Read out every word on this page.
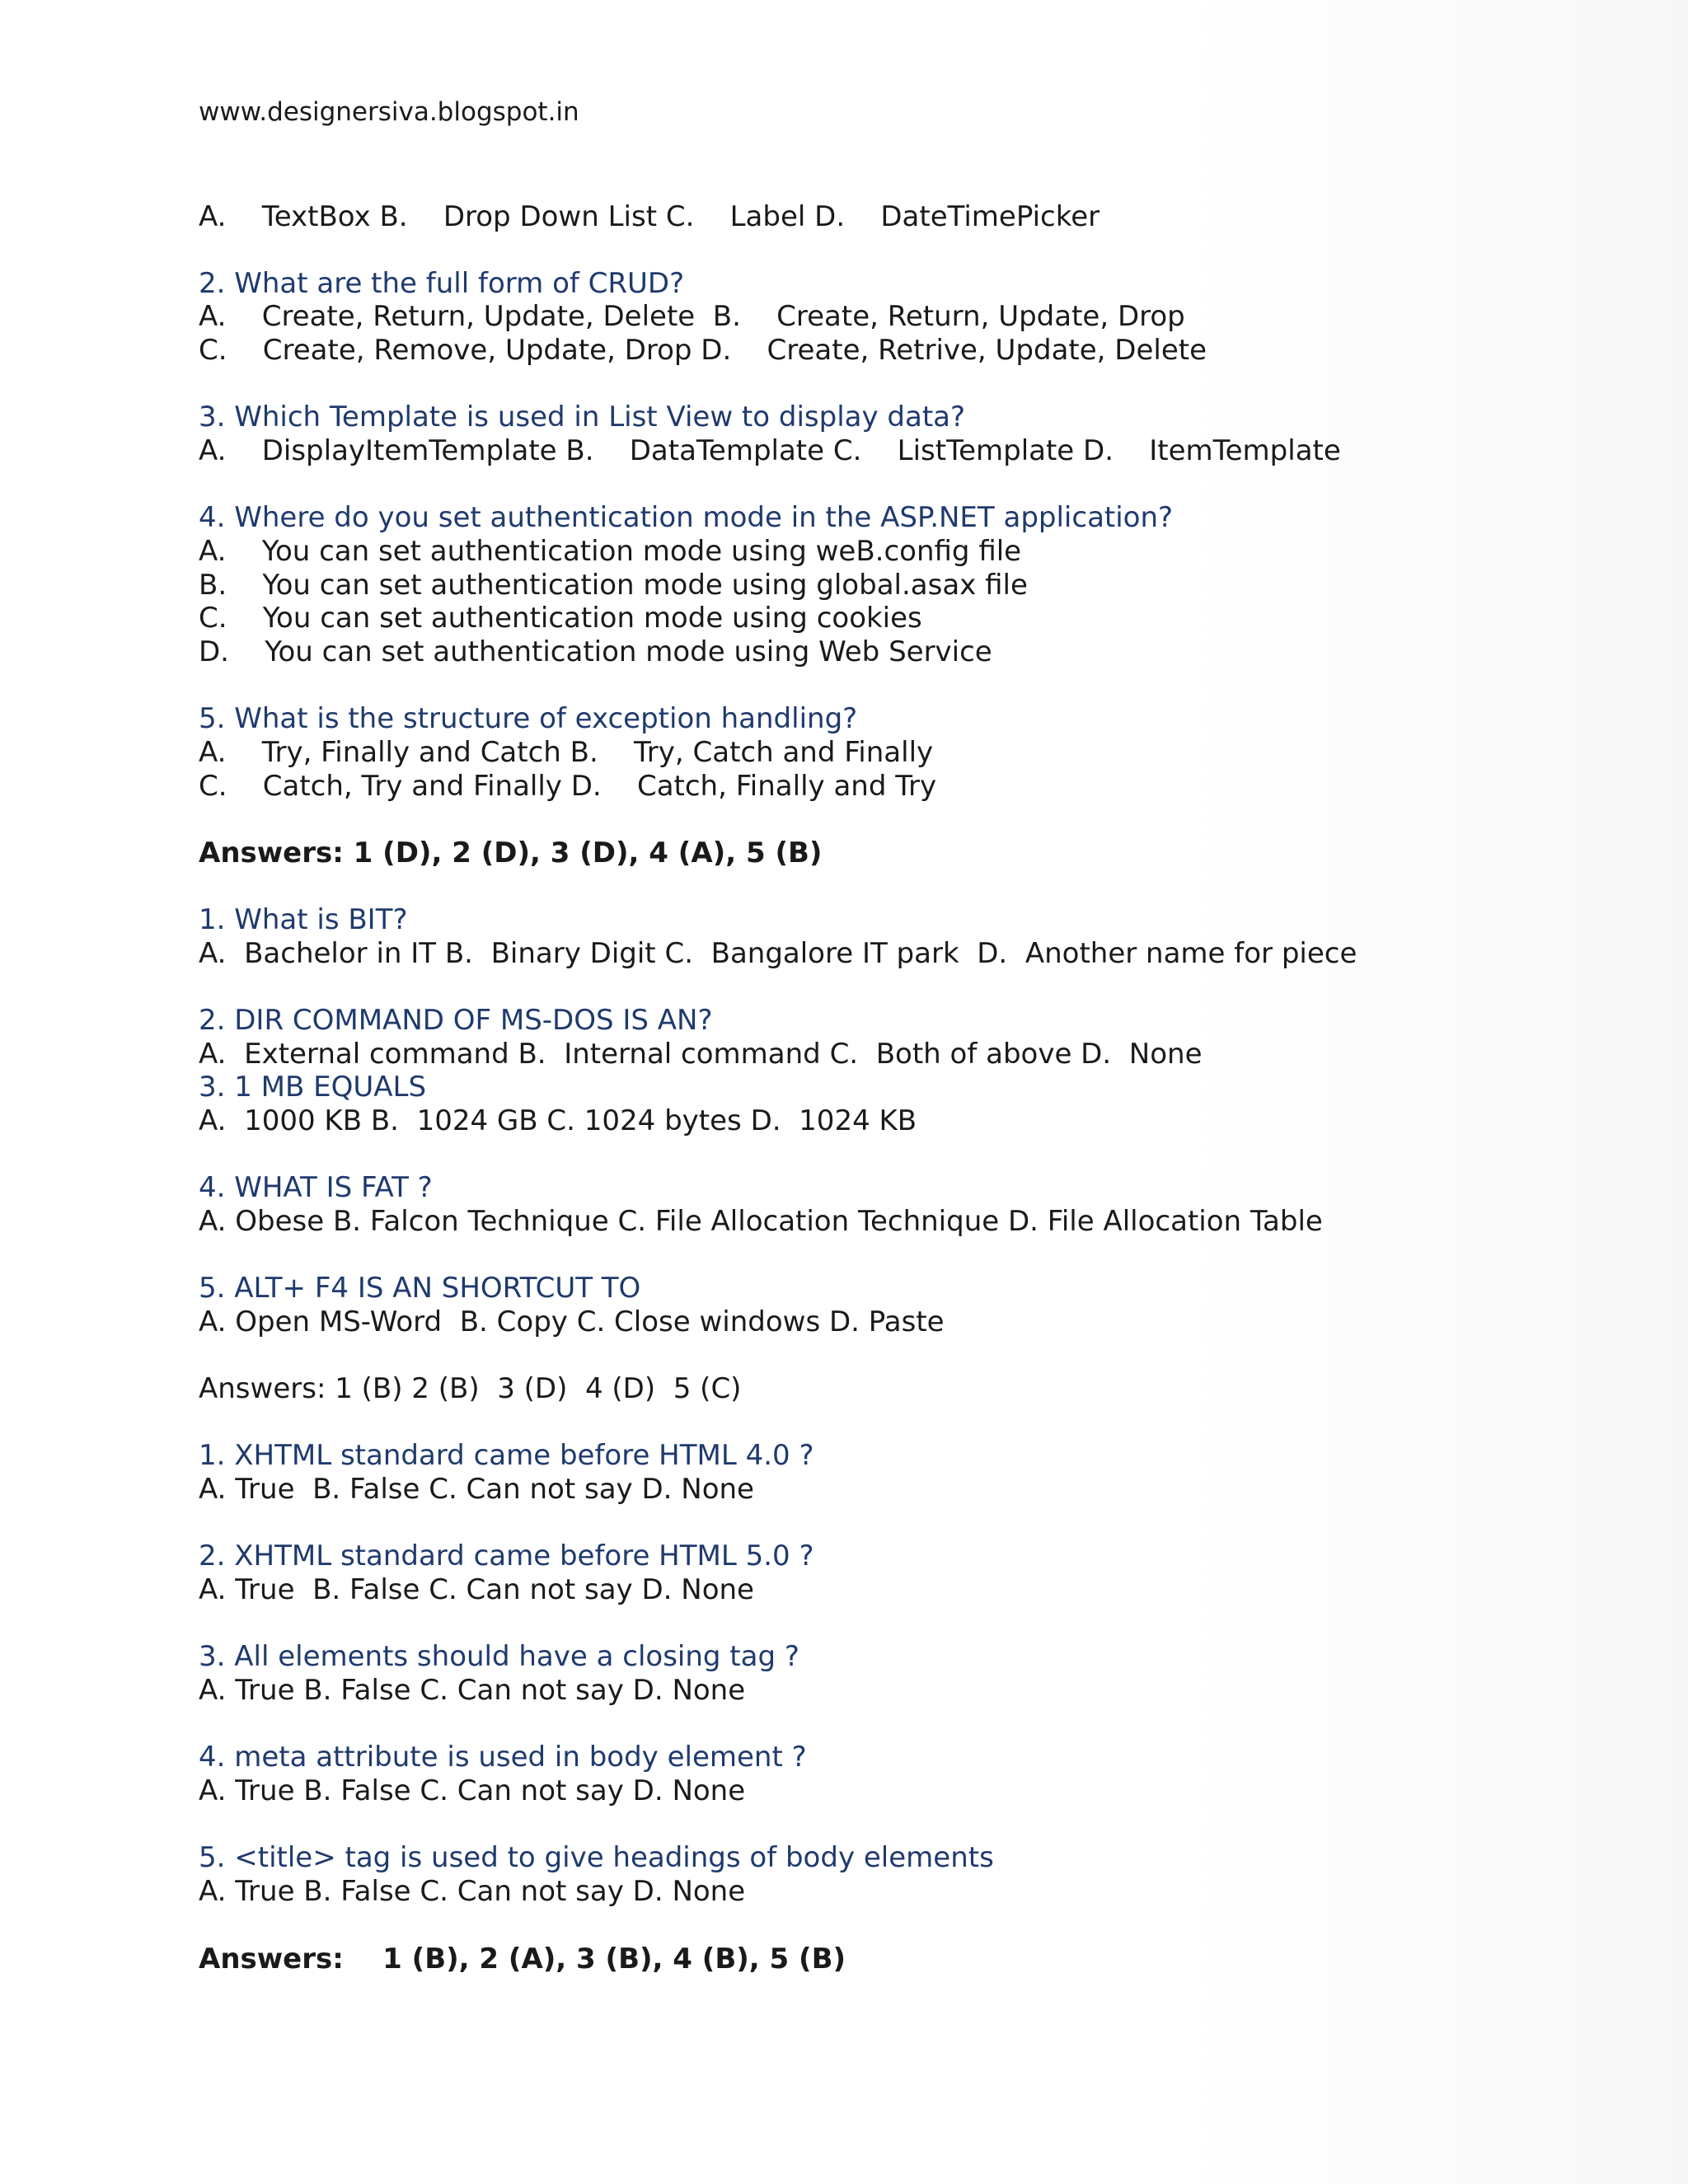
www.designersiva.blogspot.in
A.    TextBox B.    Drop Down List C.    Label D.    DateTimePicker
2. What are the full form of CRUD?
A.    Create, Return, Update, Delete  B.    Create, Return, Update, Drop
C.    Create, Remove, Update, Drop D.    Create, Retrive, Update, Delete
3. Which Template is used in List View to display data?
A.    DisplayItemTemplate B.    DataTemplate C.    ListTemplate D.    ItemTemplate
4. Where do you set authentication mode in the ASP.NET application?
A.    You can set authentication mode using weB.config file
B.    You can set authentication mode using global.asax file
C.    You can set authentication mode using cookies
D.    You can set authentication mode using Web Service
5. What is the structure of exception handling?
A.    Try, Finally and Catch B.    Try, Catch and Finally
C.    Catch, Try and Finally D.    Catch, Finally and Try
Answers: 1 (D), 2 (D), 3 (D), 4 (A), 5 (B)
1. What is BIT?
A.  Bachelor in IT B.  Binary Digit C.  Bangalore IT park  D.  Another name for piece
2. DIR COMMAND OF MS-DOS IS AN?
A.  External command B.  Internal command C.  Both of above D.  None
3. 1 MB EQUALS
A.  1000 KB B.  1024 GB C. 1024 bytes D.  1024 KB
4. WHAT IS FAT ?
A. Obese B. Falcon Technique C. File Allocation Technique D. File Allocation Table
5. ALT+ F4 IS AN SHORTCUT TO
A. Open MS-Word  B. Copy C. Close windows D. Paste
Answers: 1 (B) 2 (B)  3 (D)  4 (D)  5 (C)
1. XHTML standard came before HTML 4.0 ?
A. True  B. False C. Can not say D. None
2. XHTML standard came before HTML 5.0 ?
A. True  B. False C. Can not say D. None
3. All elements should have a closing tag ?
A. True B. False C. Can not say D. None
4. meta attribute is used in body element ?
A. True B. False C. Can not say D. None
5. <title> tag is used to give headings of body elements
A. True B. False C. Can not say D. None
Answers:    1 (B), 2 (A), 3 (B), 4 (B), 5 (B)
